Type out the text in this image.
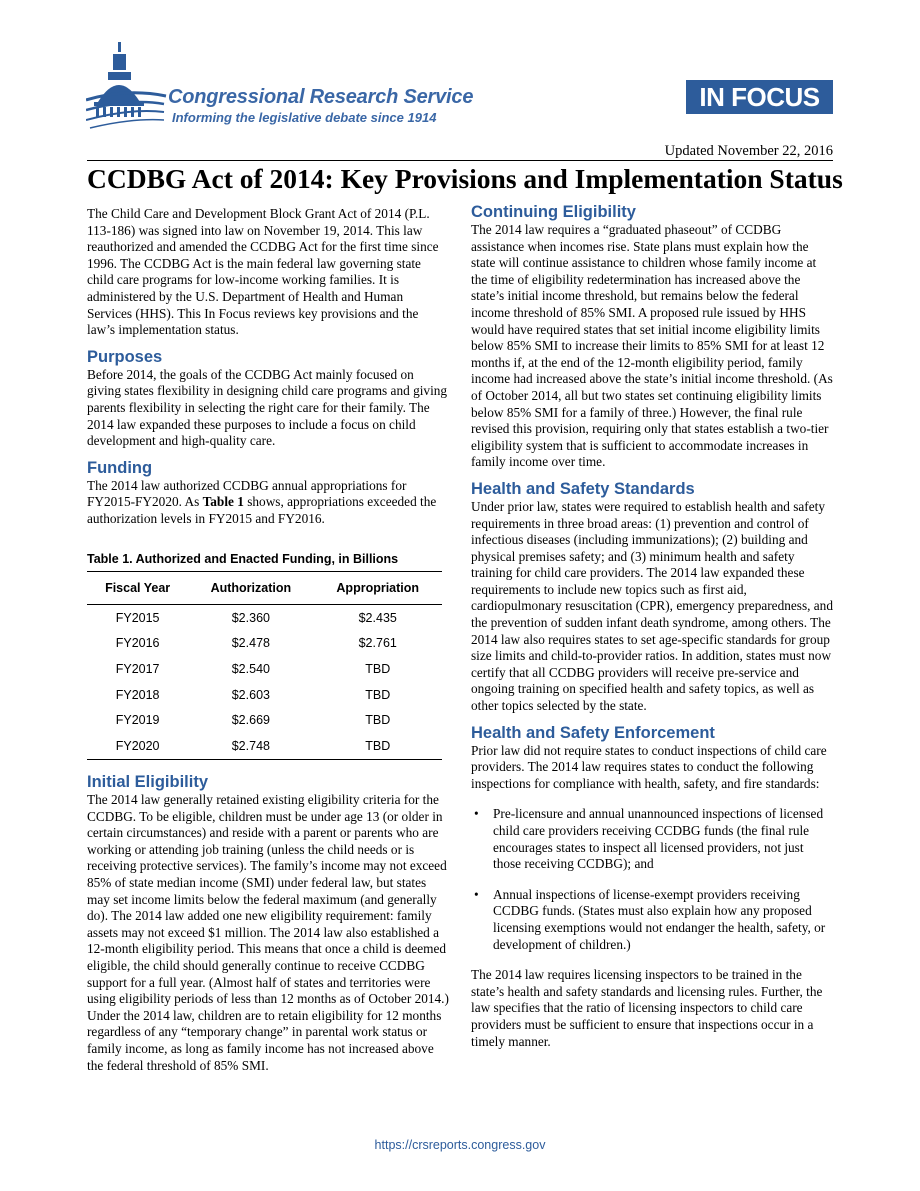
Congressional Research Service
Informing the legislative debate since 1914
IN FOCUS
Updated November 22, 2016
CCDBG Act of 2014: Key Provisions and Implementation Status

The Child Care and Development Block Grant Act of 2014 (P.L. 113-186) was signed into law on November 19, 2014. This law reauthorized and amended the CCDBG Act for the first time since 1996. The CCDBG Act is the main federal law governing state child care programs for low-income working families. It is administered by the U.S. Department of Health and Human Services (HHS). This In Focus reviews key provisions and the law’s implementation status.

Purposes

Before 2014, the goals of the CCDBG Act mainly focused on giving states flexibility in designing child care programs and giving parents flexibility in selecting the right care for their family. The 2014 law expanded these purposes to include a focus on child development and high-quality care.

Funding

The 2014 law authorized CCDBG annual appropriations for FY2015-FY2020. As Table 1 shows, appropriations exceeded the authorization levels in FY2015 and FY2016.

Table 1. Authorized and Enacted Funding, in Billions
Fiscal Year	Authorization	Appropriation
FY2015	$2.360	$2.435
FY2016	$2.478	$2.761
FY2017	$2.540	TBD
FY2018	$2.603	TBD
FY2019	$2.669	TBD
FY2020	$2.748	TBD
Initial Eligibility

The 2014 law generally retained existing eligibility criteria for the CCDBG. To be eligible, children must be under age 13 (or older in certain circumstances) and reside with a parent or parents who are working or attending job training (unless the child needs or is receiving protective services). The family’s income may not exceed 85% of state median income (SMI) under federal law, but states may set income limits below the federal maximum (and generally do). The 2014 law added one new eligibility requirement: family assets may not exceed $1 million. The 2014 law also established a 12-month eligibility period. This means that once a child is deemed eligible, the child should generally continue to receive CCDBG support for a full year. (Almost half of states and territories were using eligibility periods of less than 12 months as of October 2014.) Under the 2014 law, children are to retain eligibility for 12 months regardless of any “temporary change” in parental work status or family income, as long as family income has not increased above the federal threshold of 85% SMI.

Continuing Eligibility

The 2014 law requires a “graduated phaseout” of CCDBG assistance when incomes rise. State plans must explain how the state will continue assistance to children whose family income at the time of eligibility redetermination has increased above the state’s initial income threshold, but remains below the federal income threshold of 85% SMI. A proposed rule issued by HHS would have required states that set initial income eligibility limits below 85% SMI to increase their limits to 85% SMI for at least 12 months if, at the end of the 12-month eligibility period, family income had increased above the state’s initial income threshold. (As of October 2014, all but two states set continuing eligibility limits below 85% SMI for a family of three.) However, the final rule revised this provision, requiring only that states establish a two-tier eligibility system that is sufficient to accommodate increases in family income over time.

Health and Safety Standards

Under prior law, states were required to establish health and safety requirements in three broad areas: (1) prevention and control of infectious diseases (including immunizations); (2) building and physical premises safety; and (3) minimum health and safety training for child care providers. The 2014 law expanded these requirements to include new topics such as first aid, cardiopulmonary resuscitation (CPR), emergency preparedness, and the prevention of sudden infant death syndrome, among others. The 2014 law also requires states to set age-specific standards for group size limits and child-to-provider ratios. In addition, states must now certify that all CCDBG providers will receive pre-service and ongoing training on specified health and safety topics, as well as other topics selected by the state.

Health and Safety Enforcement

Prior law did not require states to conduct inspections of child care providers. The 2014 law requires states to conduct the following inspections for compliance with health, safety, and fire standards:

• Pre-licensure and annual unannounced inspections of licensed child care providers receiving CCDBG funds (the final rule encourages states to inspect all licensed providers, not just those receiving CCDBG); and
• Annual inspections of license-exempt providers receiving CCDBG funds. (States must also explain how any proposed licensing exemptions would not endanger the health, safety, or development of children.)

The 2014 law requires licensing inspectors to be trained in the state’s health and safety standards and licensing rules. Further, the law specifies that the ratio of licensing inspectors to child care providers must be sufficient to ensure that inspections occur in a timely manner.

https://crsreports.congress.gov
